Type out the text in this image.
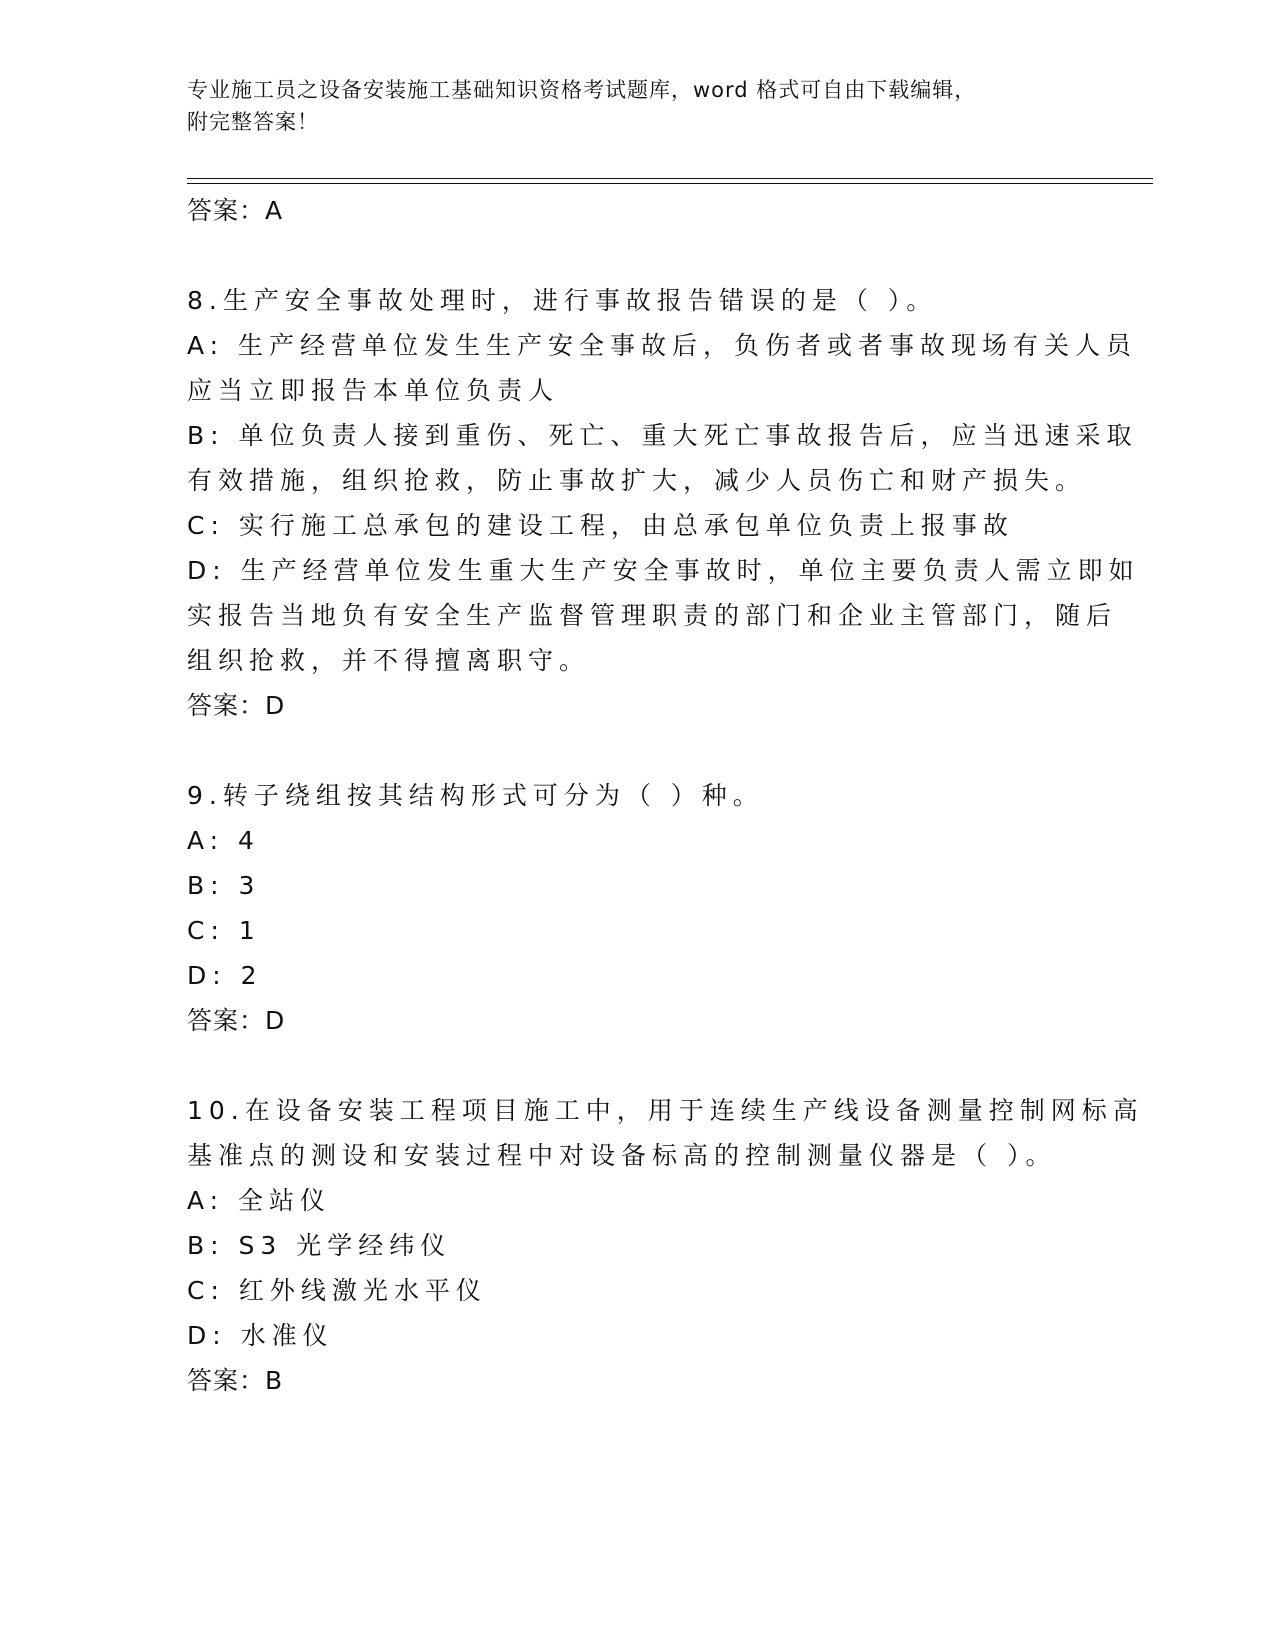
专业施工员之设备安装施工基础知识资格考试题库，word 格式可自由下载编辑，
附完整答案！
答案：A
8.生产安全事故处理时，进行事故报告错误的是（ ）。
A: 生产经营单位发生生产安全事故后，负伤者或者事故现场有关人员
应当立即报告本单位负责人
B: 单位负责人接到重伤、死亡、重大死亡事故报告后，应当迅速采取
有效措施，组织抢救，防止事故扩大，减少人员伤亡和财产损失。
C: 实行施工总承包的建设工程，由总承包单位负责上报事故
D: 生产经营单位发生重大生产安全事故时，单位主要负责人需立即如
实报告当地负有安全生产监督管理职责的部门和企业主管部门，随后
组织抢救，并不得擅离职守。
答案：D
9.转子绕组按其结构形式可分为（ ）种。
A: 4
B: 3
C: 1
D: 2
答案：D
10.在设备安装工程项目施工中，用于连续生产线设备测量控制网标高
基准点的测设和安装过程中对设备标高的控制测量仪器是（ ）。
A: 全站仪
B: S3 光学经纬仪
C: 红外线激光水平仪
D: 水准仪
答案：B
